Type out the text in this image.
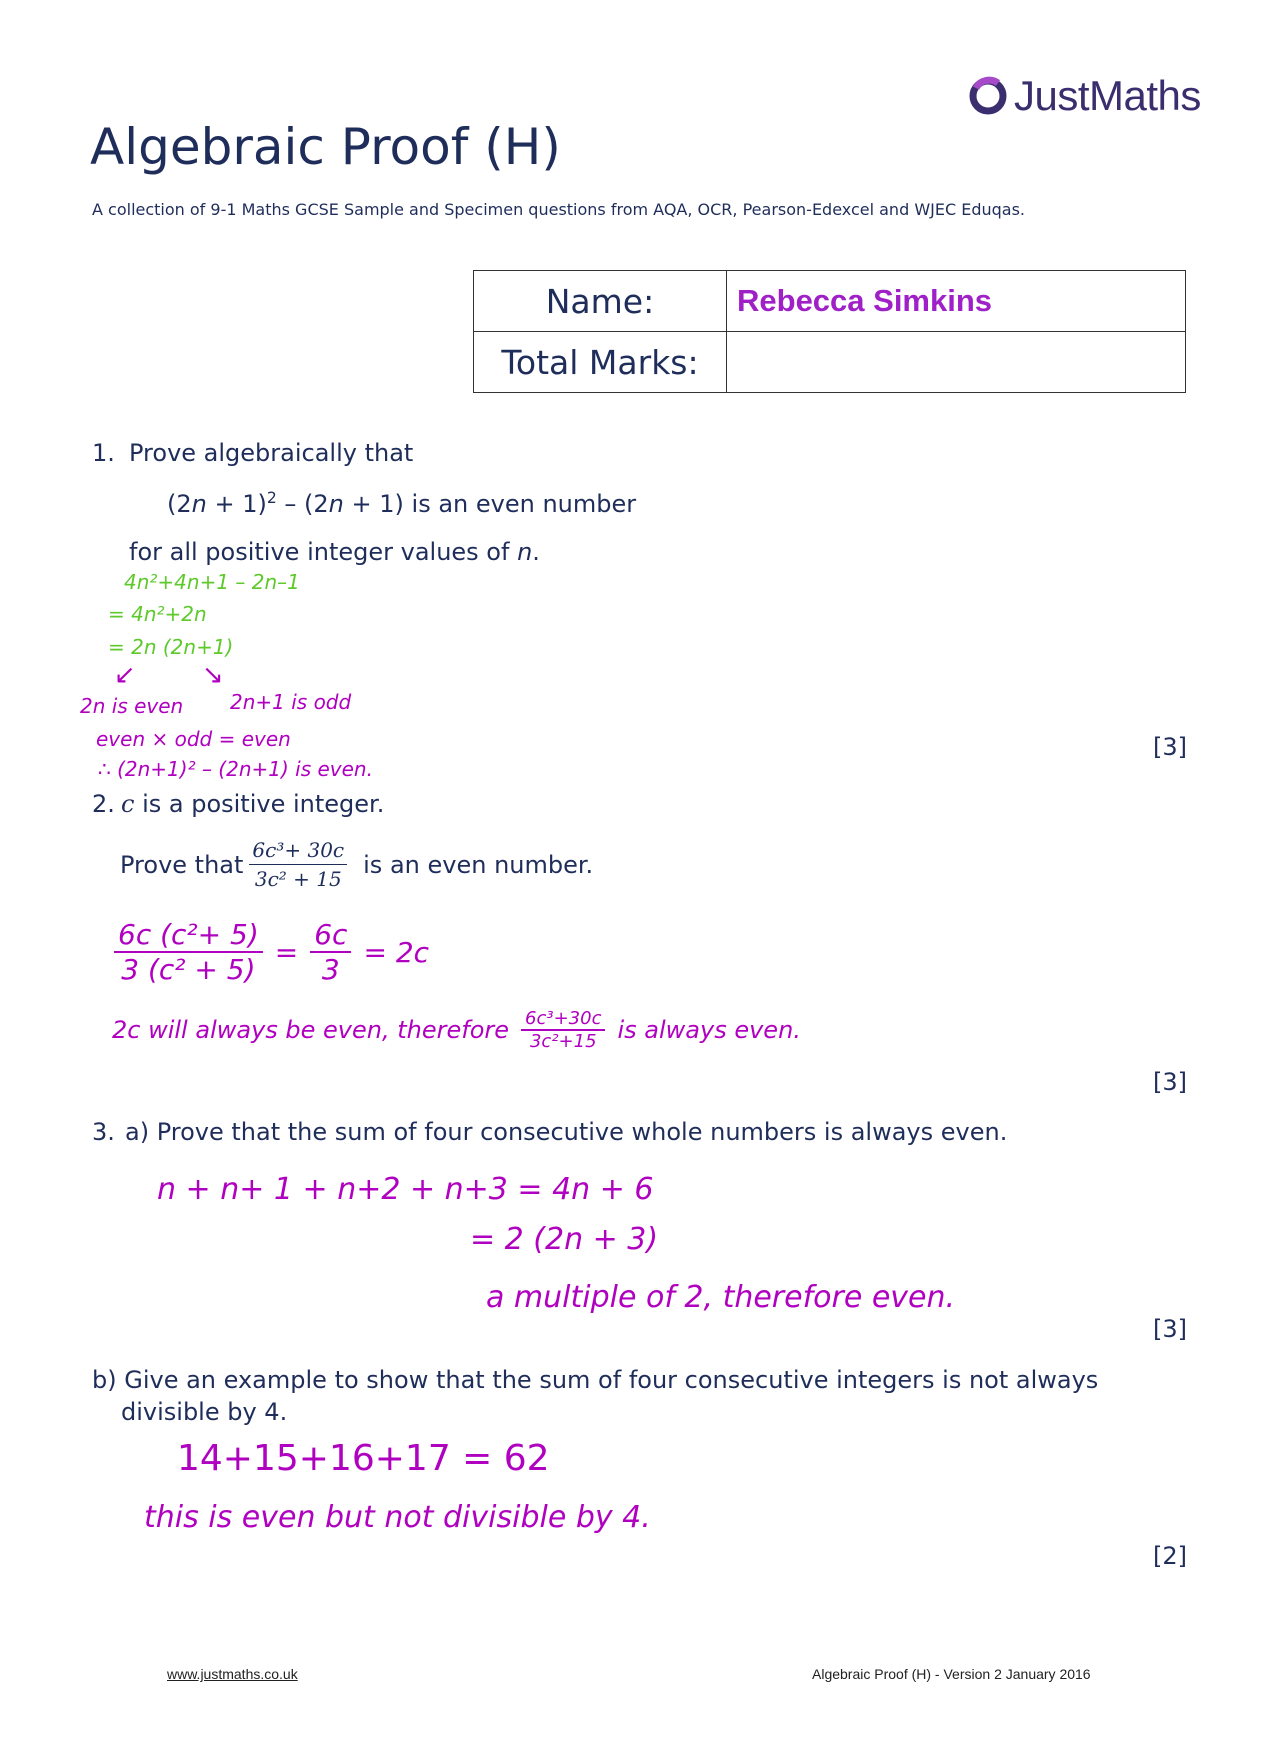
JustMaths
Algebraic Proof (H)
A collection of 9-1 Maths GCSE Sample and Specimen questions from AQA, OCR, Pearson-Edexcel and WJEC Eduqas.
Name:	Rebecca Simkins
Total Marks:	
1. Prove algebraically that
$(2n + 1)^2 - (2n + 1)$ is an even number
for all positive integer values of n.
4n²+4n+1 – 2n–1
= 4n²+2n
= 2n (2n+1)
↙	↘
2n is even 2n+1 is odd
even × odd = even
∴ (2n+1)² – (2n+1) is even.
[3]
2. c is a positive integer.
Prove that $\frac{\text{6c³+ 30c}}{\text{3c² + 15}}$ is an even number.
$\frac{\text{6c (c²+ 5)}}{\text{3 (c² + 5)}} = \frac{6c}{3} = 2c$
2c will always be even, therefore $\frac{\text{6c³+30c}}{\text{3c²+15}}$ is always even.
[3]
3. a) Prove that the sum of four consecutive whole numbers is always even.
n + n+ 1 + n+2 + n+3 = 4n + 6
= 2 (2n + 3)
a multiple of 2, therefore even.
[3]
b) Give an example to show that the sum of four consecutive integers is not always
divisible by 4.
14+15+16+17 = 62
this is even but not divisible by 4.
[2]
www.justmaths.co.uk	Algebraic Proof (H) - Version 2 January 2016
